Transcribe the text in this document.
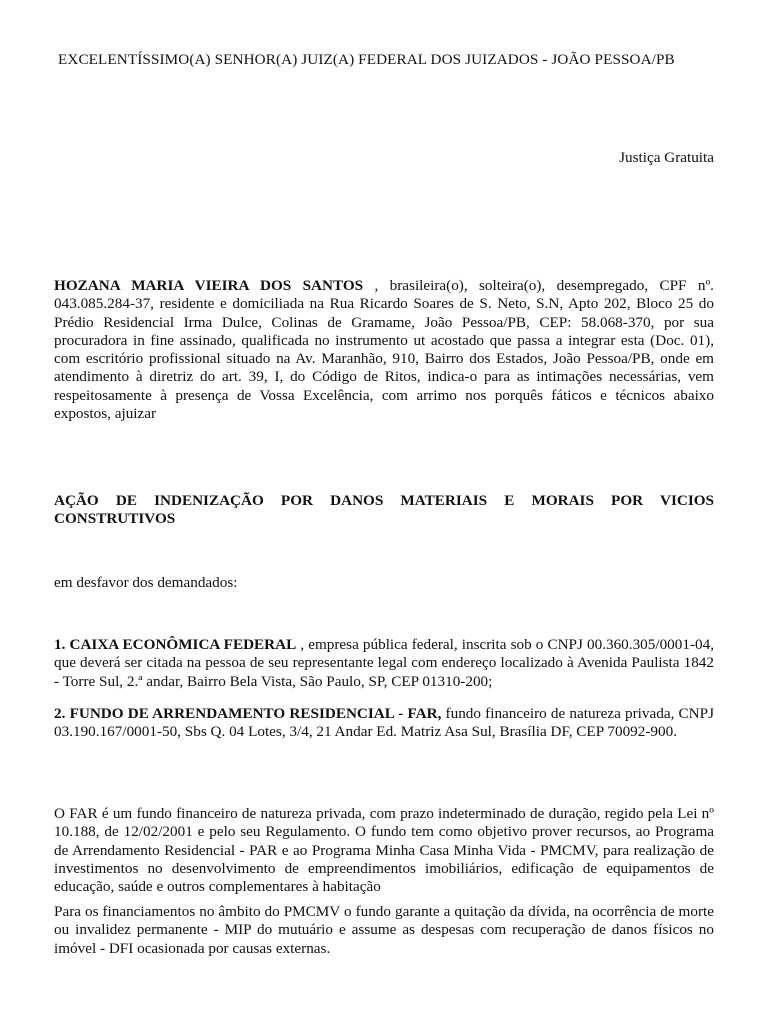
EXCELENTÍSSIMO(A) SENHOR(A) JUIZ(A) FEDERAL DOS JUIZADOS - JOÃO PESSOA/PB

Justiça Gratuita

HOZANA MARIA VIEIRA DOS SANTOS , brasileira(o), solteira(o), desempregado, CPF nº. 043.085.284-37, residente e domiciliada na Rua Ricardo Soares de S. Neto, S.N, Apto 202, Bloco 25 do Prédio Residencial Irma Dulce, Colinas de Gramame, João Pessoa/PB, CEP: 58.068-370, por sua procuradora in fine assinado, qualificada no instrumento ut acostado que passa a integrar esta (Doc. 01), com escritório profissional situado na Av. Maranhão, 910, Bairro dos Estados, João Pessoa/PB, onde em atendimento à diretriz do art. 39, I, do Código de Ritos, indica-o para as intimações necessárias, vem respeitosamente à presença de Vossa Excelência, com arrimo nos porquês fáticos e técnicos abaixo expostos, ajuizar

AÇÃO DE INDENIZAÇÃO POR DANOS MATERIAIS E MORAIS POR VICIOS CONSTRUTIVOS

em desfavor dos demandados:

1. CAIXA ECONÔMICA FEDERAL , empresa pública federal, inscrita sob o CNPJ 00.360.305/0001-04, que deverá ser citada na pessoa de seu representante legal com endereço localizado à Avenida Paulista 1842 - Torre Sul, 2.ª andar, Bairro Bela Vista, São Paulo, SP, CEP 01310-200;

2. FUNDO DE ARRENDAMENTO RESIDENCIAL - FAR, fundo financeiro de natureza privada, CNPJ 03.190.167/0001-50, Sbs Q. 04 Lotes, 3/4, 21 Andar Ed. Matriz Asa Sul, Brasília DF, CEP 70092-900.

O FAR é um fundo financeiro de natureza privada, com prazo indeterminado de duração, regido pela Lei nº 10.188, de 12/02/2001 e pelo seu Regulamento. O fundo tem como objetivo prover recursos, ao Programa de Arrendamento Residencial - PAR e ao Programa Minha Casa Minha Vida - PMCMV, para realização de investimentos no desenvolvimento de empreendimentos imobiliários, edificação de equipamentos de educação, saúde e outros complementares à habitação

Para os financiamentos no âmbito do PMCMV o fundo garante a quitação da dívida, na ocorrência de morte ou invalidez permanente - MIP do mutuário e assume as despesas com recuperação de danos físicos no imóvel - DFI ocasionada por causas externas.
